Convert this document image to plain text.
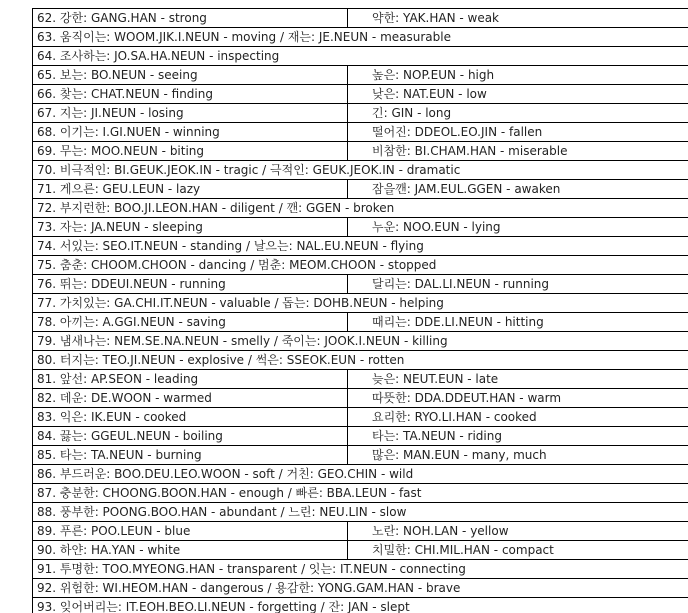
62. 강한: GANG.HAN - strong	약한: YAK.HAN - weak
63. 움직이는: WOOM.JIK.I.NEUN - moving / 재는: JE.NEUN - measurable	
64. 조사하는: JO.SA.HA.NEUN - inspecting	
65. 보는: BO.NEUN - seeing	높은: NOP.EUN - high
66. 찾는: CHAT.NEUN - finding	낮은: NAT.EUN - low
67. 지는: JI.NEUN - losing	긴: GIN - long
68. 이기는: I.GI.NUEN - winning	떨어진: DDEOL.EO.JIN - fallen
69. 무는: MOO.NEUN - biting	비참한: BI.CHAM.HAN - miserable
70. 비극적인: BI.GEUK.JEOK.IN - tragic / 극적인: GEUK.JEOK.IN - dramatic	
71. 게으른: GEU.LEUN - lazy	잠을깬: JAM.EUL.GGEN - awaken
72. 부지런한: BOO.JI.LEON.HAN - diligent / 깬: GGEN - broken	
73. 자는: JA.NEUN - sleeping	누운: NOO.EUN - lying
74. 서있는: SEO.IT.NEUN - standing / 날으는: NAL.EU.NEUN - flying	
75. 춤춘: CHOOM.CHOON - dancing / 멈춘: MEOM.CHOON - stopped	
76. 뛰는: DDEUI.NEUN - running	달리는: DAL.LI.NEUN - running
77. 가치있는: GA.CHI.IT.NEUN - valuable / 돕는: DOHB.NEUN - helping	
78. 아끼는: A.GGI.NEUN - saving	때리는: DDE.LI.NEUN - hitting
79. 냄새나는: NEM.SE.NA.NEUN - smelly / 죽이는: JOOK.I.NEUN - killing	
80. 터지는: TEO.JI.NEUN - explosive / 썩은: SSEOK.EUN - rotten	
81. 앞선: AP.SEON - leading	늦은: NEUT.EUN - late
82. 데운: DE.WOON - warmed	따뜻한: DDA.DDEUT.HAN - warm
83. 익은: IK.EUN - cooked	요리한: RYO.LI.HAN - cooked
84. 끓는: GGEUL.NEUN - boiling	타는: TA.NEUN - riding
85. 타는: TA.NEUN - burning	많은: MAN.EUN - many, much
86. 부드러운: BOO.DEU.LEO.WOON - soft / 거친: GEO.CHIN - wild	
87. 충분한: CHOONG.BOON.HAN - enough / 빠른: BBA.LEUN - fast	
88. 풍부한: POONG.BOO.HAN - abundant / 느린: NEU.LIN - slow	
89. 푸른: POO.LEUN - blue	노란: NOH.LAN - yellow
90. 하얀: HA.YAN - white	치밀한: CHI.MIL.HAN - compact
91. 투명한: TOO.MYEONG.HAN - transparent / 잇는: IT.NEUN - connecting	
92. 위험한: WI.HEOM.HAN - dangerous / 용감한: YONG.GAM.HAN - brave	
93. 잊어버리는: IT.EOH.BEO.LI.NEUN - forgetting / 잔: JAN - slept	
